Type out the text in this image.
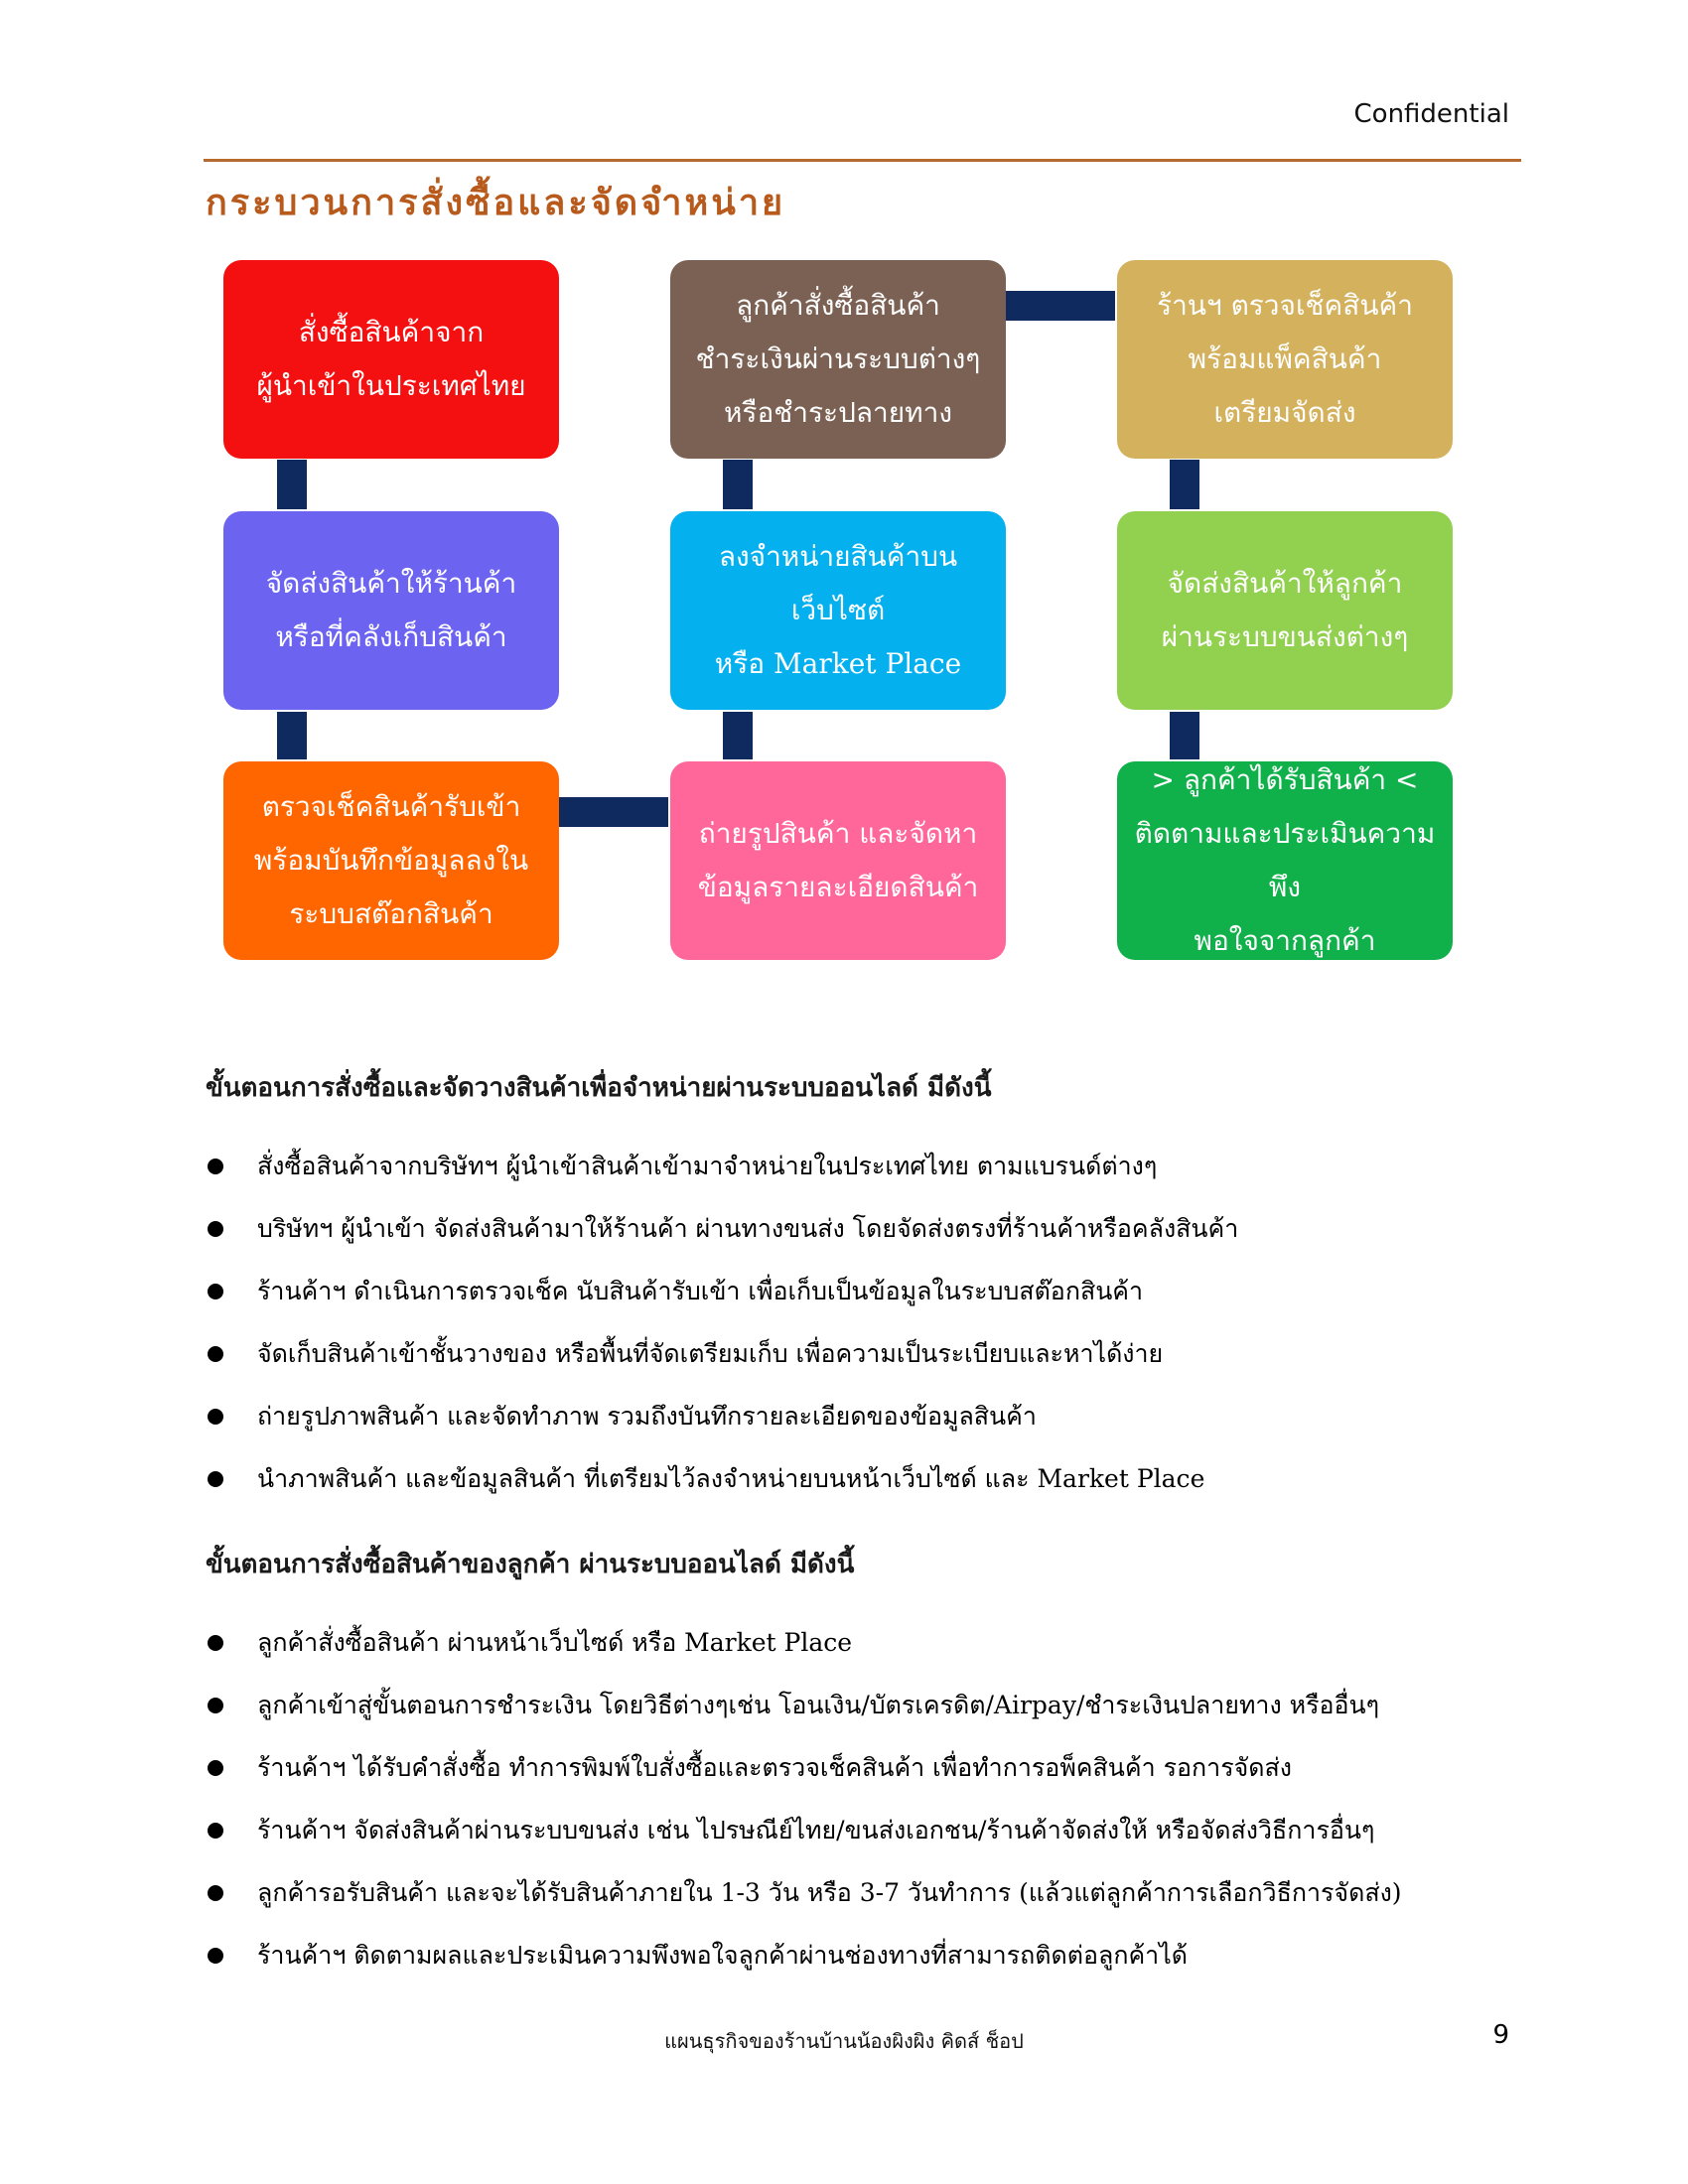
Confidential
กระบวนการสั่งซื้อและจัดจำหน่าย
สั่งซื้อสินค้าจาก
ผู้นำเข้าในประเทศไทย
ลูกค้าสั่งซื้อสินค้า
ชำระเงินผ่านระบบต่างๆ
หรือชำระปลายทาง
ร้านฯ ตรวจเช็คสินค้า
พร้อมแพ็คสินค้า
เตรียมจัดส่ง
จัดส่งสินค้าให้ร้านค้า
หรือที่คลังเก็บสินค้า
ลงจำหน่ายสินค้าบนเว็บไซต์
หรือ Market Place
จัดส่งสินค้าให้ลูกค้า
ผ่านระบบขนส่งต่างๆ
ตรวจเช็คสินค้ารับเข้า
พร้อมบันทึกข้อมูลลงใน
ระบบสต๊อกสินค้า
ถ่ายรูปสินค้า และจัดหา
ข้อมูลรายละเอียดสินค้า
> ลูกค้าได้รับสินค้า <
ติดตามและประเมินความพึง
พอใจจากลูกค้า
ขั้นตอนการสั่งซื้อและจัดวางสินค้าเพื่อจำหน่ายผ่านระบบออนไลด์ มีดังนี้
สั่งซื้อสินค้าจากบริษัทฯ ผู้นำเข้าสินค้าเข้ามาจำหน่ายในประเทศไทย ตามแบรนด์ต่างๆ
บริษัทฯ ผู้นำเข้า จัดส่งสินค้ามาให้ร้านค้า ผ่านทางขนส่ง โดยจัดส่งตรงที่ร้านค้าหรือคลังสินค้า
ร้านค้าฯ ดำเนินการตรวจเช็ค นับสินค้ารับเข้า เพื่อเก็บเป็นข้อมูลในระบบสต๊อกสินค้า
จัดเก็บสินค้าเข้าชั้นวางของ หรือพื้นที่จัดเตรียมเก็บ เพื่อความเป็นระเบียบและหาได้ง่าย
ถ่ายรูปภาพสินค้า และจัดทำภาพ รวมถึงบันทึกรายละเอียดของข้อมูลสินค้า
นำภาพสินค้า และข้อมูลสินค้า ที่เตรียมไว้ลงจำหน่ายบนหน้าเว็บไซด์ และ Market Place
ขั้นตอนการสั่งซื้อสินค้าของลูกค้า ผ่านระบบออนไลด์ มีดังนี้
ลูกค้าสั่งซื้อสินค้า ผ่านหน้าเว็บไซด์ หรือ Market Place
ลูกค้าเข้าสู่ขั้นตอนการชำระเงิน โดยวิธีต่างๆเช่น โอนเงิน/บัตรเครดิต/Airpay/ชำระเงินปลายทาง หรืออื่นๆ
ร้านค้าฯ ได้รับคำสั่งซื้อ ทำการพิมพ์ใบสั่งซื้อและตรวจเช็คสินค้า เพื่อทำการอพ็คสินค้า รอการจัดส่ง
ร้านค้าฯ จัดส่งสินค้าผ่านระบบขนส่ง เช่น ไปรษณีย์ไทย/ขนส่งเอกชน/ร้านค้าจัดส่งให้ หรือจัดส่งวิธีการอื่นๆ
ลูกค้ารอรับสินค้า และจะได้รับสินค้าภายใน 1-3 วัน หรือ 3-7 วันทำการ (แล้วแต่ลูกค้าการเลือกวิธีการจัดส่ง)
ร้านค้าฯ ติดตามผลและประเมินความพึงพอใจลูกค้าผ่านช่องทางที่สามารถติดต่อลูกค้าได้
แผนธุรกิจของร้านบ้านน้องผิงผิง คิดส์ ช็อป	9
